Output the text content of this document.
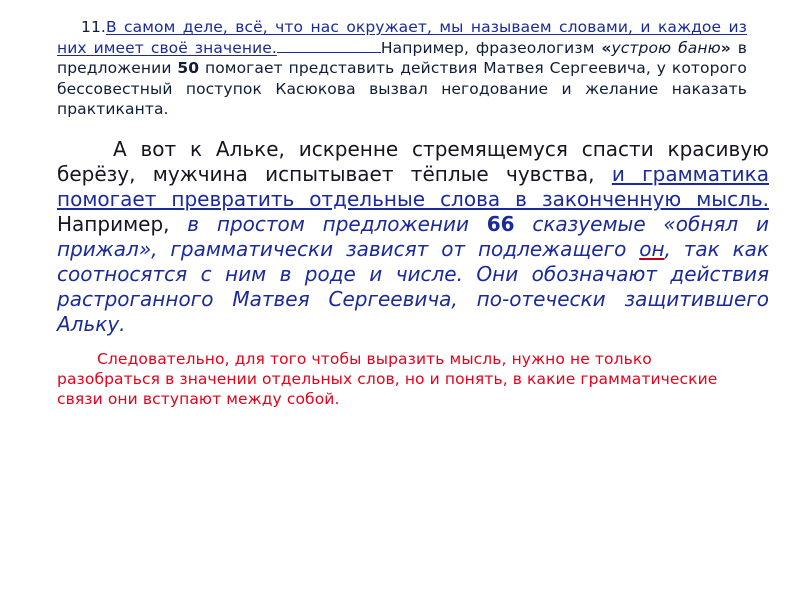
11.В самом деле, всё, что нас окружает, мы называем словами, и каждое из них имеет своё значение.	Например, фразеологизм «устрою баню» в предложении 50 помогает представить действия Матвея Сергеевича, у которого бессовестный поступок Касюкова вызвал негодование и желание наказать практиканта.
А вот к Альке, искренне стремящемуся спасти красивую берёзу, мужчина испытывает тёплые чувства, и грамматика помогает превратить отдельные слова в законченную мысль. Например, в простом предложении 66 сказуемые «обнял и прижал», грамматически зависят от подлежащего он, так как соотносятся с ним в роде и числе. Они обозначают действия растроганного Матвея Сергеевича, по-отечески защитившего Альку.
Следовательно, для того чтобы выразить мысль, нужно не только разобраться в значении отдельных слов, но и понять, в какие грамматические связи они вступают между собой.
